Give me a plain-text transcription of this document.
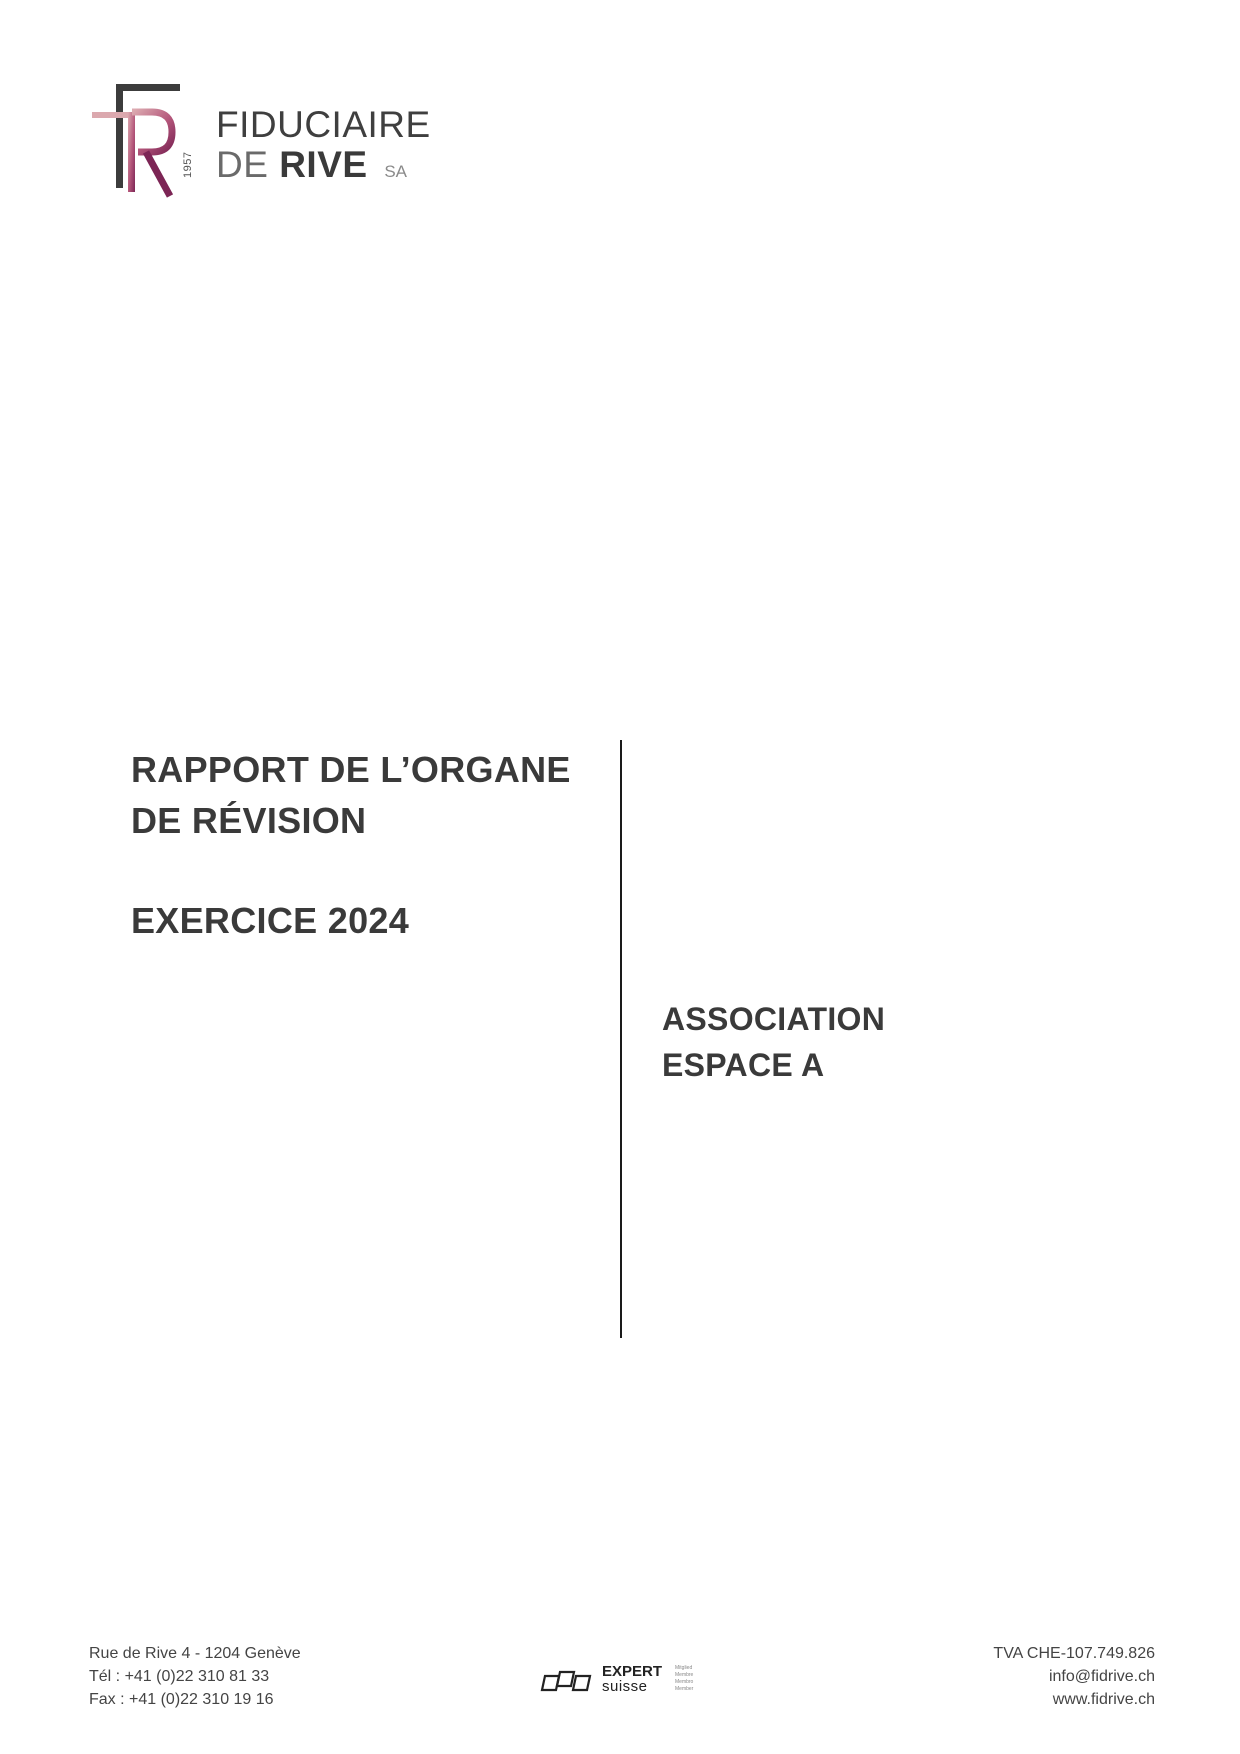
FIDUCIAIRE
DE RIVE SA
1957
RAPPORT DE L’ORGANE
DE RÉVISION
EXERCICE 2024
ASSOCIATION
ESPACE A
Rue de Rive 4 - 1204 Genève
Tél : +41 (0)22 310 81 33
Fax : +41 (0)22 310 19 16
EXPERT
suisse
Mitglied
Membre
Membro
Member
TVA CHE-107.749.826
info@fidrive.ch
www.fidrive.ch
